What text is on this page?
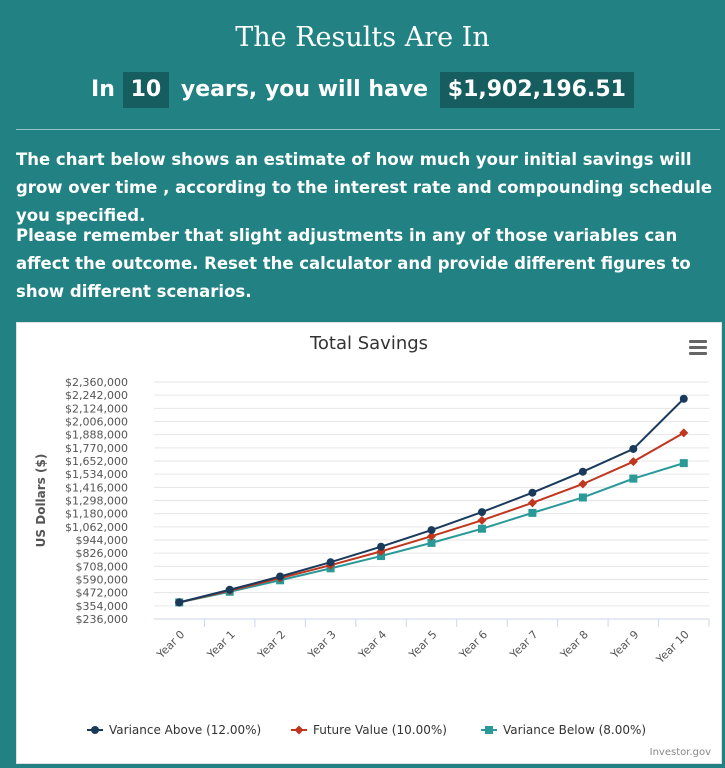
The Results Are In
In 10 years, you will have $1,902,196.51

The chart below shows an estimate of how much your initial savings will grow over time , according to the interest rate and compounding schedule you specified.

Please remember that slight adjustments in any of those variables can affect the outcome. Reset the calculator and provide different figures to show different scenarios.

Total Savings
$2,360,000
$2,242,000
$2,124,000
$2,006,000
$1,888,000
$1,770,000
$1,652,000
$1,534,000
$1,416,000
$1,298,000
$1,180,000
$1,062,000
$944,000
$826,000
$708,000
$590,000
$472,000
$354,000
$236,000
Year 0 Year 1 Year 2 Year 3 Year 4 Year 5 Year 6 Year 7 Year 8 Year 9 Year 10
US Dollars ($)
Variance Above (12.00%)	Future Value (10.00%)	Variance Below (8.00%)
Investor.gov
